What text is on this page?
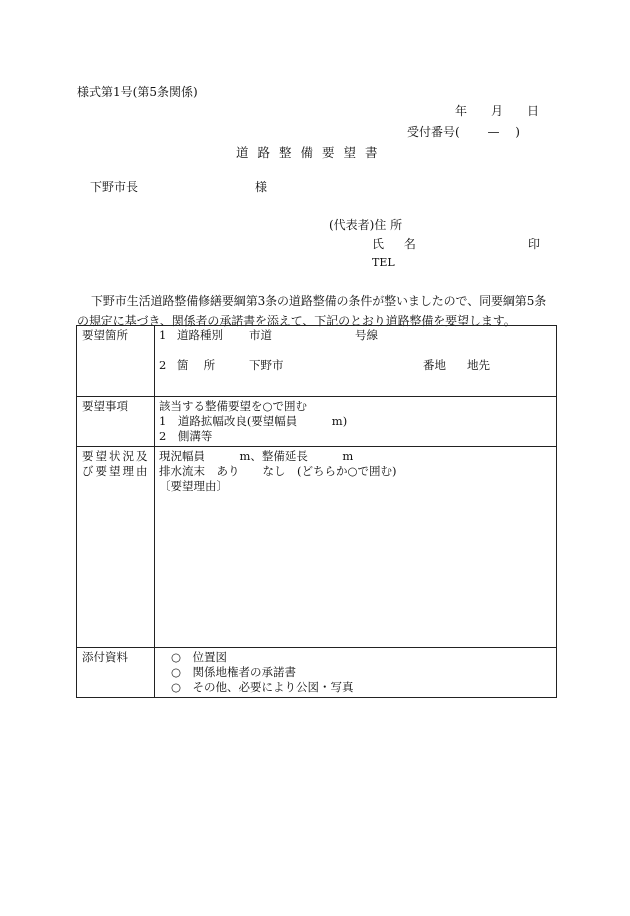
様式第1号(第5条関係)
年 月 日
受付番号(　　 —　 )
道路整備要望書
下野市長	様
(代表者)住 所
氏 名	印
TEL
下野市生活道路整備修繕要綱第3条の道路整備の条件が整いましたので、同要綱第5条の規定に基づき、関係者の承諾書を添えて、下記のとおり道路整備を要望します。
要望箇所	1 道路種別 市道 号線
2 箇　 所 下野市 番地 地先

要望事項	該当する整備要望を○で囲む
1　道路拡幅改良(要望幅員　　　m)
2　側溝等

要望状況及び要望理由	現況幅員　　　m、整備延長　　　m
排水流末　あり　　なし　(どちらか○で囲む)
〔要望理由〕

添付資料	○　位置図
○　関係地権者の承諾書
○　その他、必要により公図・写真
